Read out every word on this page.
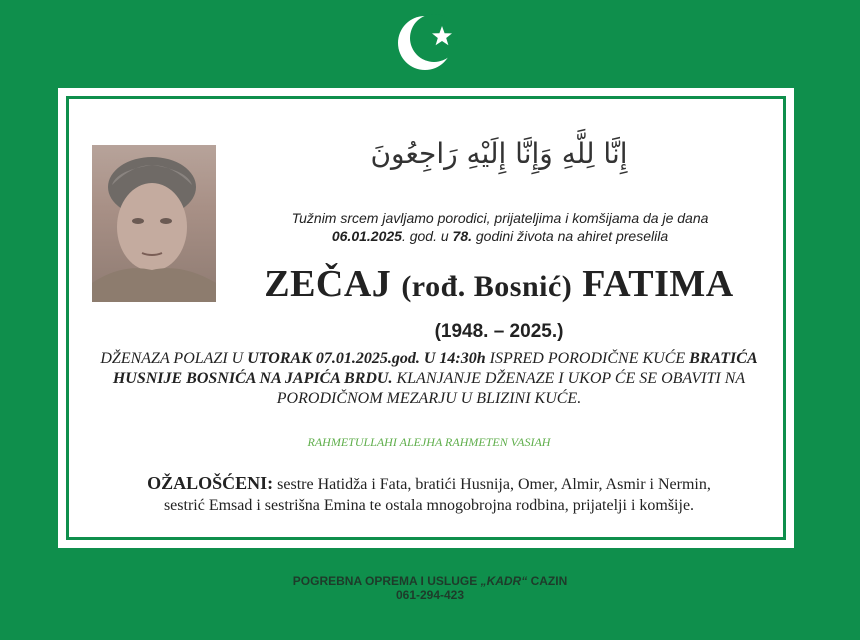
إِنَّا لِلَّهِ وَإِنَّا إِلَيْهِ رَاجِعُونَ
Tužnim srcem javljamo porodici, prijateljima i komšijama da je dana
06.01.2025. god. u 78. godini života na ahiret preselila
ZEČAJ (rođ. Bosnić) FATIMA
(1948. – 2025.)
DŽENAZA POLAZI U UTORAK 07.01.2025.god. U 14:30h ISPRED PORODIČNE KUĆE BRATIĆA HUSNIJE BOSNIĆA NA JAPIĆA BRDU. KLANJANJE DŽENAZE I UKOP ĆE SE OBAVITI NA PORODIČNOM MEZARJU U BLIZINI KUĆE.
RAHMETULLAHI ALEJHA RAHMETEN VASIAH
OŽALOŠĆENI: sestre Hatidža i Fata, bratići Husnija, Omer, Almir, Asmir i Nermin,
sestrić Emsad i sestrišna Emina te ostala mnogobrojna rodbina, prijatelji i komšije.
POGREBNA OPREMA I USLUGE „KADR“ CAZIN
061-294-423
